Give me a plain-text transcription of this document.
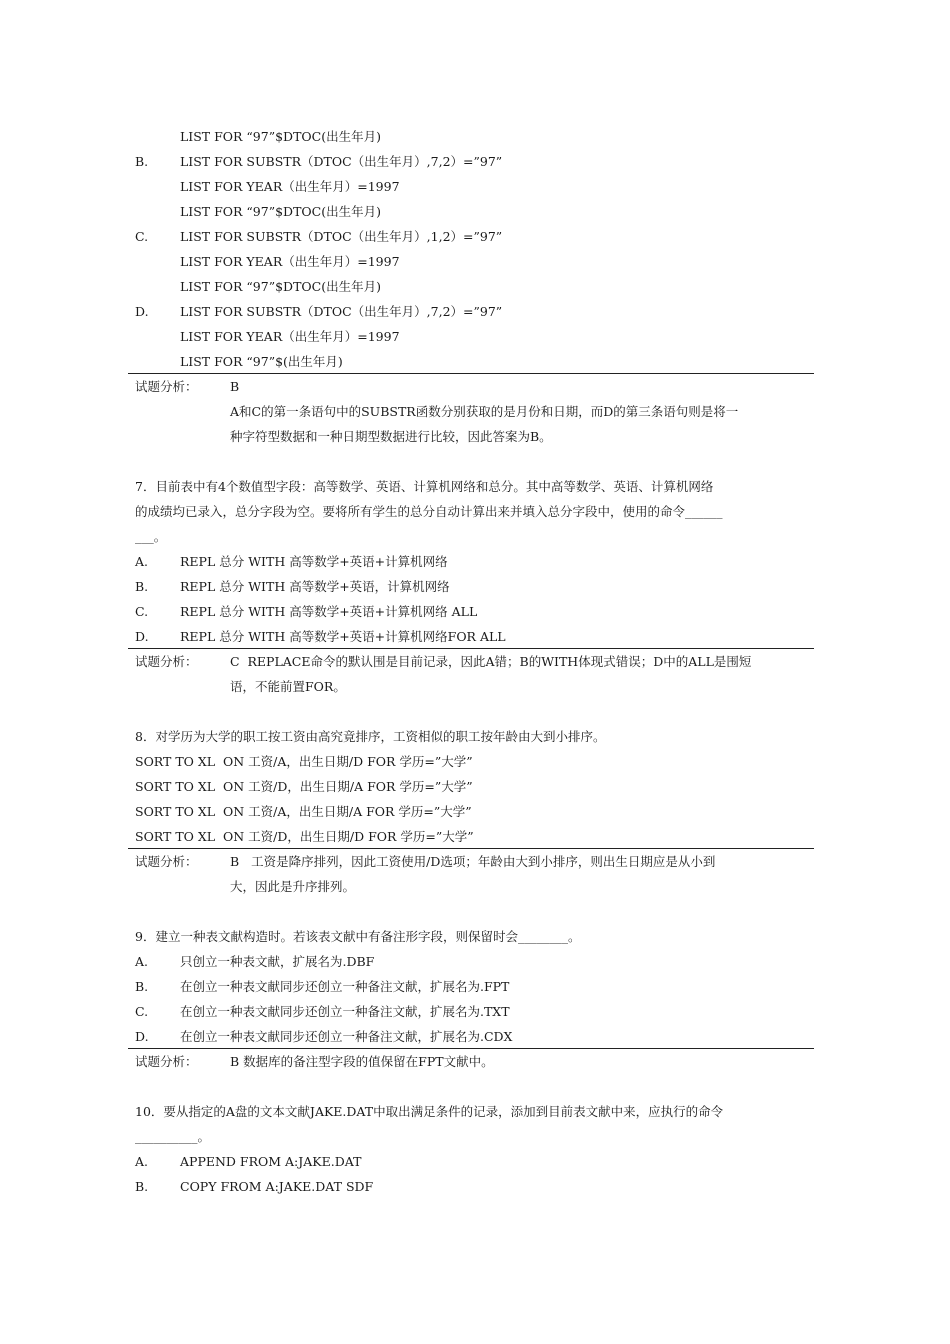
LIST FOR “97”$DTOC(出生年月)
B.	LIST FOR SUBSTR（DTOC（出生年月）,7,2）=”97”
LIST FOR YEAR（出生年月）=1997
LIST FOR “97”$DTOC(出生年月)
C.	LIST FOR SUBSTR（DTOC（出生年月）,1,2）=”97”
LIST FOR YEAR（出生年月）=1997
LIST FOR “97”$DTOC(出生年月)
D.	LIST FOR SUBSTR（DTOC（出生年月）,7,2）=”97”
LIST FOR YEAR（出生年月）=1997
LIST FOR “97”$(出生年月)
试题分析：	B
A和C的第一条语句中的SUBSTR函数分别获取的是月份和日期，而D的第三条语句则是将一
种字符型数据和一种日期型数据进行比较，因此答案为B。
7．目前表中有4个数值型字段：高等数学、英语、计算机网络和总分。其中高等数学、英语、计算机网络
的成绩均已录入，总分字段为空。要将所有学生的总分自动计算出来并填入总分字段中，使用的命令______
___。
A.	REPL 总分 WITH 高等数学+英语+计算机网络
B.	REPL 总分 WITH 高等数学+英语，计算机网络
C.	REPL 总分 WITH 高等数学+英语+计算机网络 ALL
D.	REPL 总分 WITH 高等数学+英语+计算机网络FOR ALL
试题分析：	C  REPLACE命令的默认围是目前记录，因此A错；B的WITH体现式错误；D中的ALL是围短
语，不能前置FOR。
8．对学历为大学的职工按工资由高究竟排序，工资相似的职工按年龄由大到小排序。
SORT TO XL  ON 工资/A，出生日期/D FOR 学历=”大学”
SORT TO XL  ON 工资/D，出生日期/A FOR 学历=”大学”
SORT TO XL  ON 工资/A，出生日期/A FOR 学历=”大学”
SORT TO XL  ON 工资/D，出生日期/D FOR 学历=”大学”
试题分析：	B   工资是降序排列，因此工资使用/D选项；年龄由大到小排序，则出生日期应是从小到
大，因此是升序排列。
9．建立一种表文献构造时。若该表文献中有备注形字段，则保留时会________。
A.	只创立一种表文献，扩展名为.DBF
B.	在创立一种表文献同步还创立一种备注文献，扩展名为.FPT
C.	在创立一种表文献同步还创立一种备注文献，扩展名为.TXT
D.	在创立一种表文献同步还创立一种备注文献，扩展名为.CDX
试题分析：	B 数据库的备注型字段的值保留在FPT文献中。
10．要从指定的A盘的文本文献JAKE.DAT中取出满足条件的记录，添加到目前表文献中来，应执行的命令
__________。
A.	APPEND FROM A:JAKE.DAT
B.	COPY FROM A:JAKE.DAT SDF
